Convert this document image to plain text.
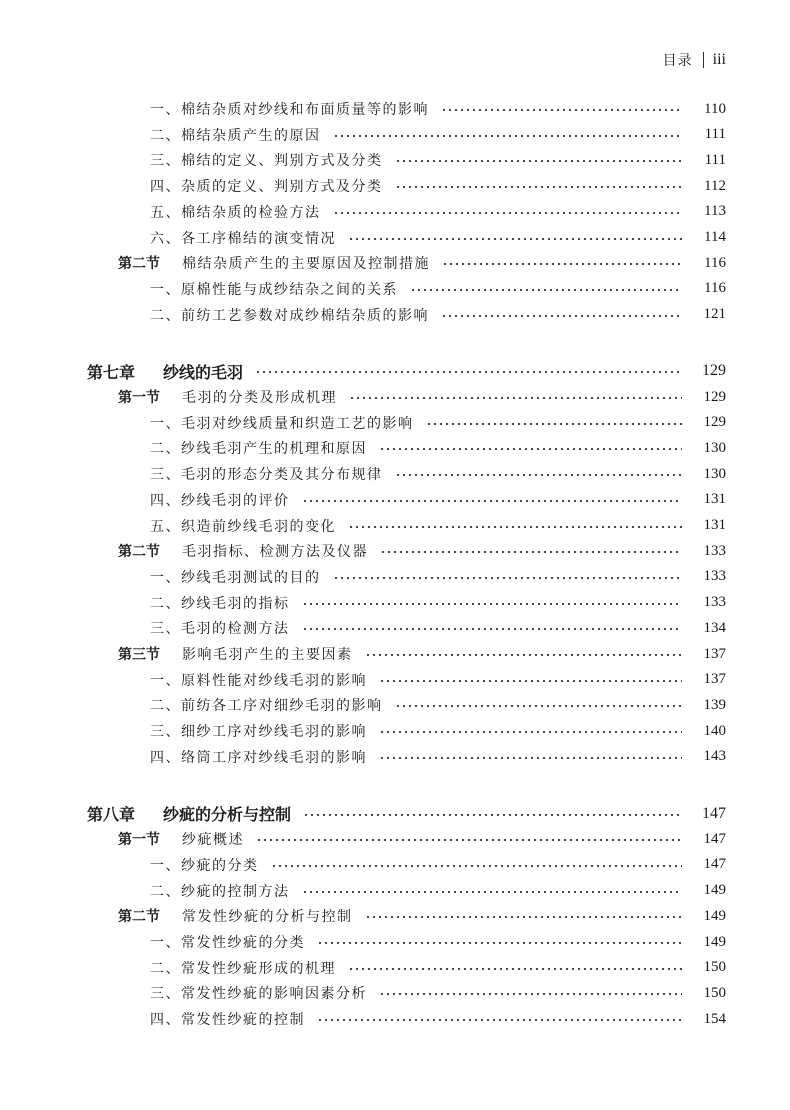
目录 iii
一、棉结杂质对纱线和布面质量等的影响	110
二、棉结杂质产生的原因	111
三、棉结的定义、判别方式及分类	111
四、杂质的定义、判别方式及分类	112
五、棉结杂质的检验方法	113
六、各工序棉结的演变情况	114
第二节 棉结杂质产生的主要原因及控制措施	116
一、原棉性能与成纱结杂之间的关系	116
二、前纺工艺参数对成纱棉结杂质的影响	121
第七章 纱线的毛羽	129
第一节 毛羽的分类及形成机理	129
一、毛羽对纱线质量和织造工艺的影响	129
二、纱线毛羽产生的机理和原因	130
三、毛羽的形态分类及其分布规律	130
四、纱线毛羽的评价	131
五、织造前纱线毛羽的变化	131
第二节 毛羽指标、检测方法及仪器	133
一、纱线毛羽测试的目的	133
二、纱线毛羽的指标	133
三、毛羽的检测方法	134
第三节 影响毛羽产生的主要因素	137
一、原料性能对纱线毛羽的影响	137
二、前纺各工序对细纱毛羽的影响	139
三、细纱工序对纱线毛羽的影响	140
四、络筒工序对纱线毛羽的影响	143
第八章 纱疵的分析与控制	147
第一节 纱疵概述	147
一、纱疵的分类	147
二、纱疵的控制方法	149
第二节 常发性纱疵的分析与控制	149
一、常发性纱疵的分类	149
二、常发性纱疵形成的机理	150
三、常发性纱疵的影响因素分析	150
四、常发性纱疵的控制	154
